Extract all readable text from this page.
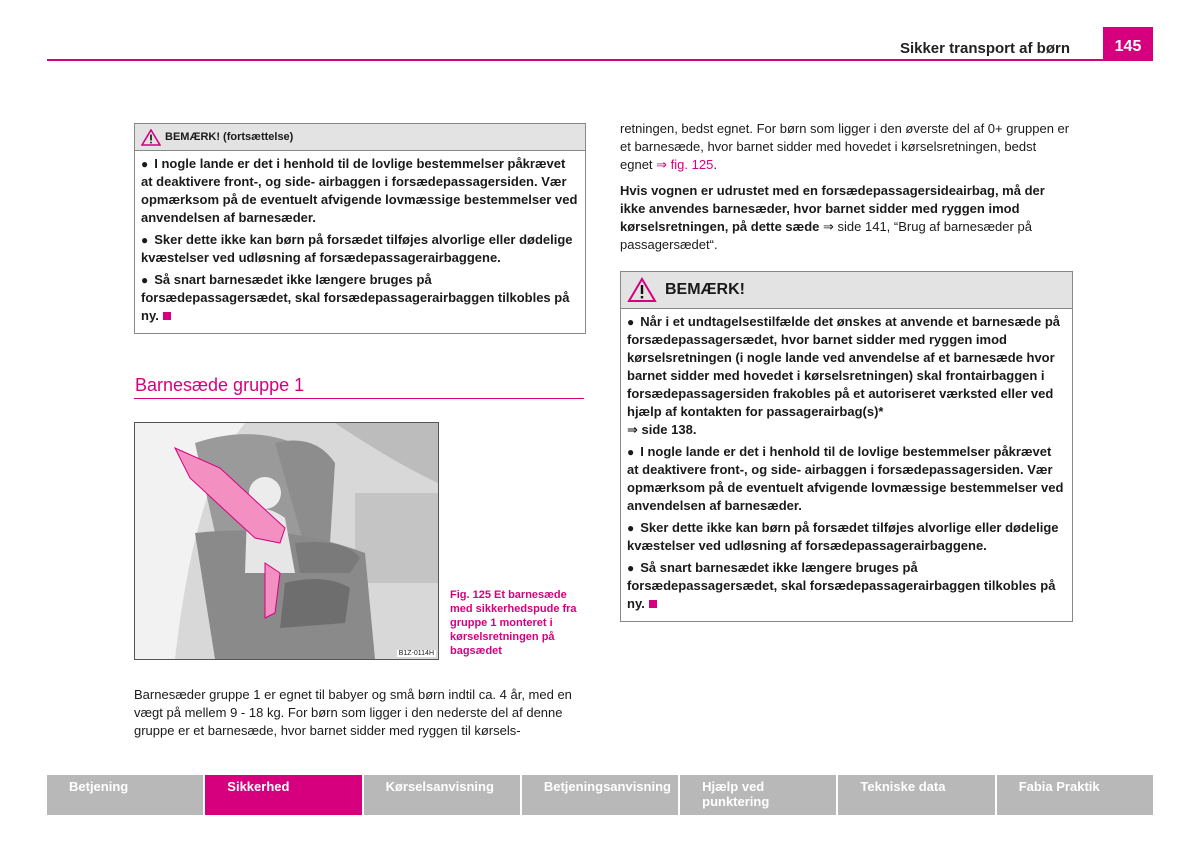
Sikker transport af børn	145
BEMÆRK! (fortsættelse)

● I nogle lande er det i henhold til de lovlige bestemmelser påkrævet at deaktivere front-, og side- airbaggen i forsædepassagersiden. Vær opmærksom på de eventuelt afvigende lovmæssige bestemmelser ved anvendelsen af barnesæder.

● Sker dette ikke kan børn på forsædet tilføjes alvorlige eller dødelige kvæstelser ved udløsning af forsædepassagerairbaggene.

● Så snart barnesædet ikke længere bruges på forsædepassagersædet, skal forsædepassagerairbaggen tilkobles på ny.

Barnesæde gruppe 1
B1Z-0114H
Fig. 125 Et barnesæde med sikkerhedspude fra gruppe 1 monteret i kørselsretningen på bagsædet
Barnesæder gruppe 1 er egnet til babyer og små børn indtil ca. 4 år, med en vægt på mellem 9 - 18 kg. For børn som ligger i den nederste del af denne gruppe er et barnesæde, hvor barnet sidder med ryggen til kørsels-

retningen, bedst egnet. For børn som ligger i den øverste del af 0+ gruppen er et barnesæde, hvor barnet sidder med hovedet i kørselsretningen, bedst egnet ⇒ fig. 125.

Hvis vognen er udrustet med en forsædepassagersideairbag, må der ikke anvendes barnesæder, hvor barnet sidder med ryggen imod kørselsretningen, på dette sæde ⇒ side 141, “Brug af barnesæder på passagersædet“.

BEMÆRK!

● Når i et undtagelsestilfælde det ønskes at anvende et barnesæde på forsædepassagersædet, hvor barnet sidder med ryggen imod kørselsretningen (i nogle lande ved anvendelse af et barnesæde hvor barnet sidder med hovedet i kørselsretningen) skal frontairbaggen i forsædepassagersiden frakobles på et autoriseret værksted eller ved hjælp af kontakten for passagerairbag(s)*
⇒ side 138.

● I nogle lande er det i henhold til de lovlige bestemmelser påkrævet at deaktivere front-, og side- airbaggen i forsædepassagersiden. Vær opmærksom på de eventuelt afvigende lovmæssige bestemmelser ved anvendelsen af barnesæder.

● Sker dette ikke kan børn på forsædet tilføjes alvorlige eller dødelige kvæstelser ved udløsning af forsædepassagerairbaggene.

● Så snart barnesædet ikke længere bruges på forsædepassagersædet, skal forsædepassagerairbaggen tilkobles på ny.

Betjening	Sikkerhed	Kørselsanvisning	Betjeningsanvisning	Hjælp ved punktering
Tekniske data	Fabia Praktik
